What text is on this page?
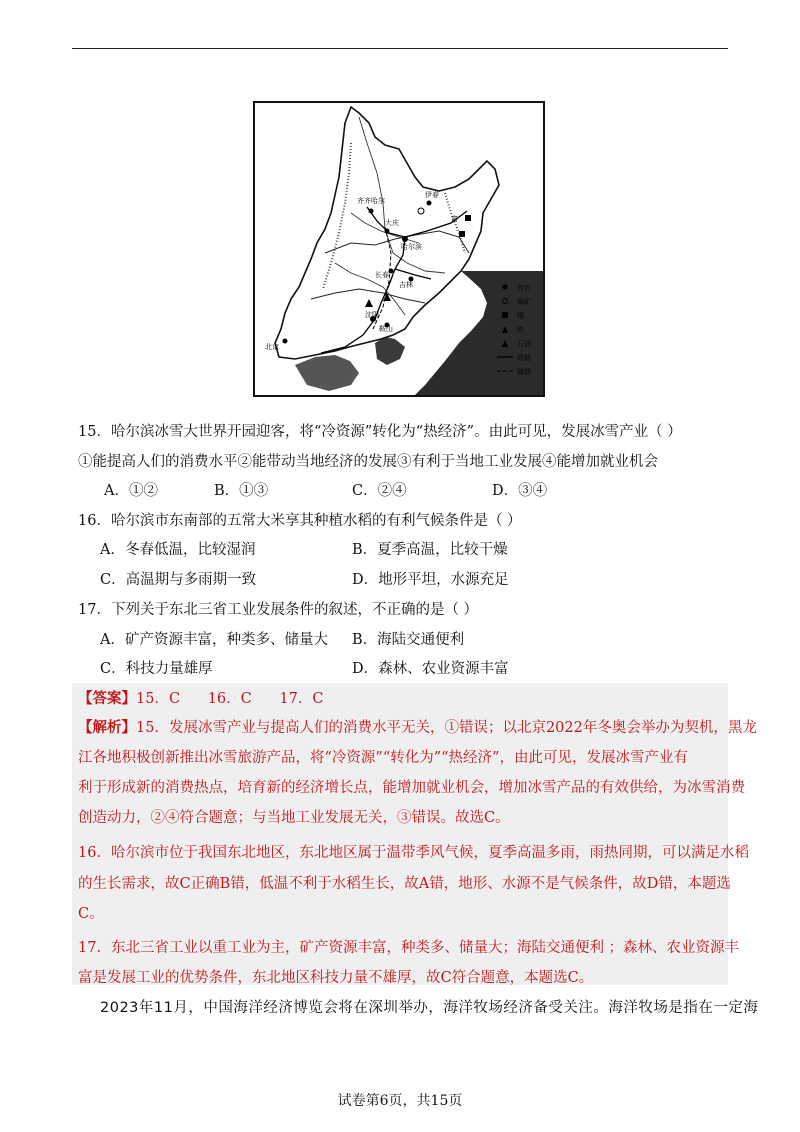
齐齐哈尔
大庆
哈尔滨
伊春
富
长春
吉林
沈阳
鞍山
北京
有色
铜矿
煤
铁
石油
铁路
输油
15．哈尔滨冰雪大世界开园迎客，将“冷资源”转化为“热经济”。由此可见，发展冰雪产业（ ）
①能提高人们的消费水平②能带动当地经济的发展③有利于当地工业发展④能增加就业机会
A．①②	B．①③	C．②④	D．③④
16．哈尔滨市东南部的五常大米享其种植水稻的有利气候条件是（ ）
A．冬春低温，比较湿润	B．夏季高温，比较干燥
C．高温期与多雨期一致	D．地形平坦，水源充足
17．下列关于东北三省工业发展条件的叙述，不正确的是（ ）
A．矿产资源丰富，种类多、储量大 B．海陆交通便利
C．科技力量雄厚	D．森林、农业资源丰富
【答案】15．C      16．C      17．C
【解析】15．发展冰雪产业与提高人们的消费水平无关，①错误；以北京2022年冬奥会举办为契机，黑龙
江各地积极创新推出冰雪旅游产品，将“冷资源”“转化为”“热经济”，由此可见，发展冰雪产业有
利于形成新的消费热点，培育新的经济增长点，能增加就业机会，增加冰雪产品的有效供给，为冰雪消费
创造动力，②④符合题意；与当地工业发展无关，③错误。故选C。
16．哈尔滨市位于我国东北地区，东北地区属于温带季风气候，夏季高温多雨，雨热同期，可以满足水稻
的生长需求，故C正确B错，低温不利于水稻生长，故A错，地形、水源不是气候条件，故D错，本题选
C。
17．东北三省工业以重工业为主，矿产资源丰富，种类多、储量大；海陆交通便利 ；森林、农业资源丰
富是发展工业的优势条件，东北地区科技力量不雄厚，故C符合题意，本题选C。
2023年11月，中国海洋经济博览会将在深圳举办，海洋牧场经济备受关注。海洋牧场是指在一定海
试卷第6页，共15页
